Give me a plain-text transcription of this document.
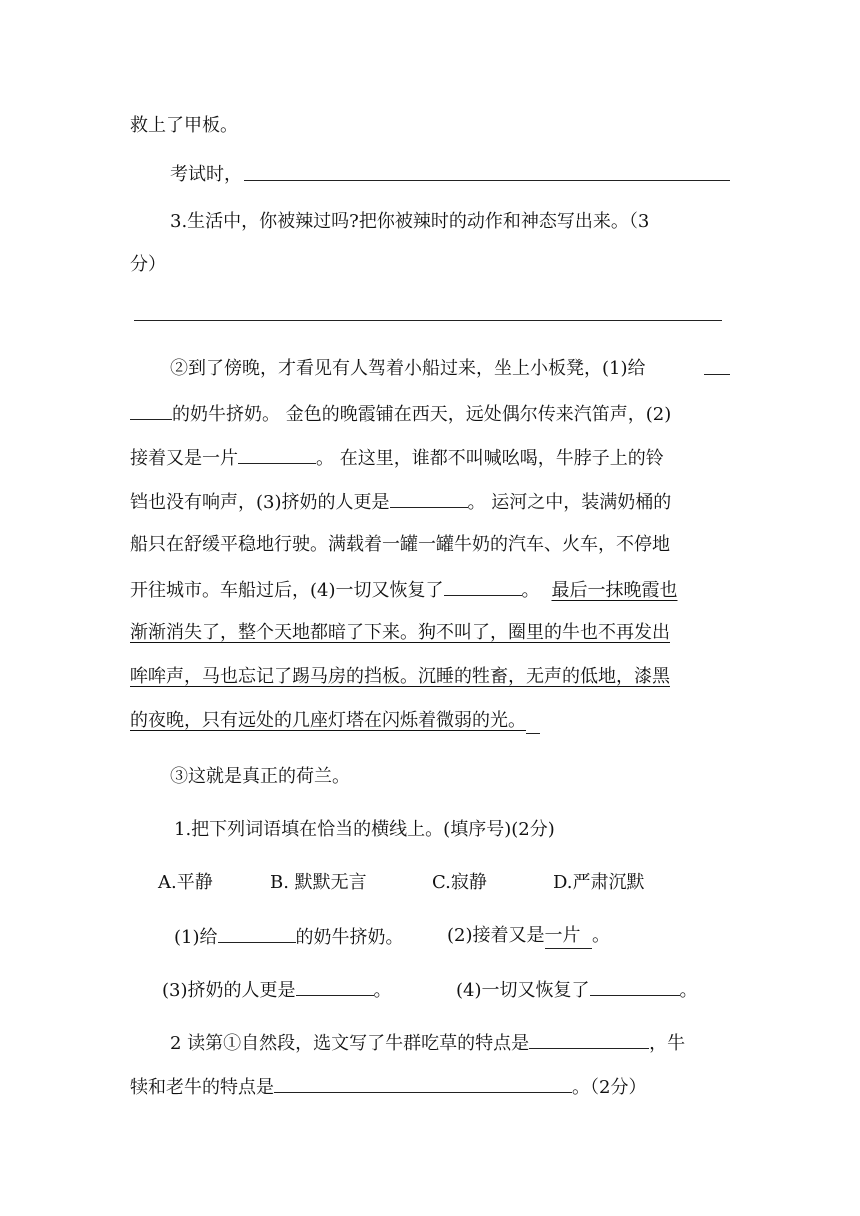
救上了甲板。
考试时，
3.生活中，你被辣过吗?把你被辣时的动作和神态写出来。（3
分）
②到了傍晚，才看见有人驾着小船过来，坐上小板凳，(1)给
的奶牛挤奶。 金色的晚霞铺在西天，远处偶尔传来汽笛声，(2)
接着又是一片	。 在这里，谁都不叫喊吆喝，牛脖子上的铃
铛也没有响声，(3)挤奶的人更是	。 运河之中，装满奶桶的
船只在舒缓平稳地行驶。满载着一罐一罐牛奶的汽车、火车，不停地
开往城市。车船过后，(4)一切又恢复了	。 最后一抹晚霞也
渐渐消失了，整个天地都暗了下来。狗不叫了，圈里的牛也不再发出
哞哞声，马也忘记了踢马房的挡板。沉睡的牲畜，无声的低地，漆黑
的夜晚，只有远处的几座灯塔在闪烁着微弱的光。
③这就是真正的荷兰。
1.把下列词语填在恰当的横线上。(填序号)(2分)
A.平静	B. 默默无言	C.寂静	D.严肃沉默
(1)给	的奶牛挤奶。 (2)接着又是一片 。
(3)挤奶的人更是	。	(4)一切又恢复了	。
2 读第①自然段，选文写了牛群吃草的特点是	，牛
犊和老牛的特点是	。（2分）
